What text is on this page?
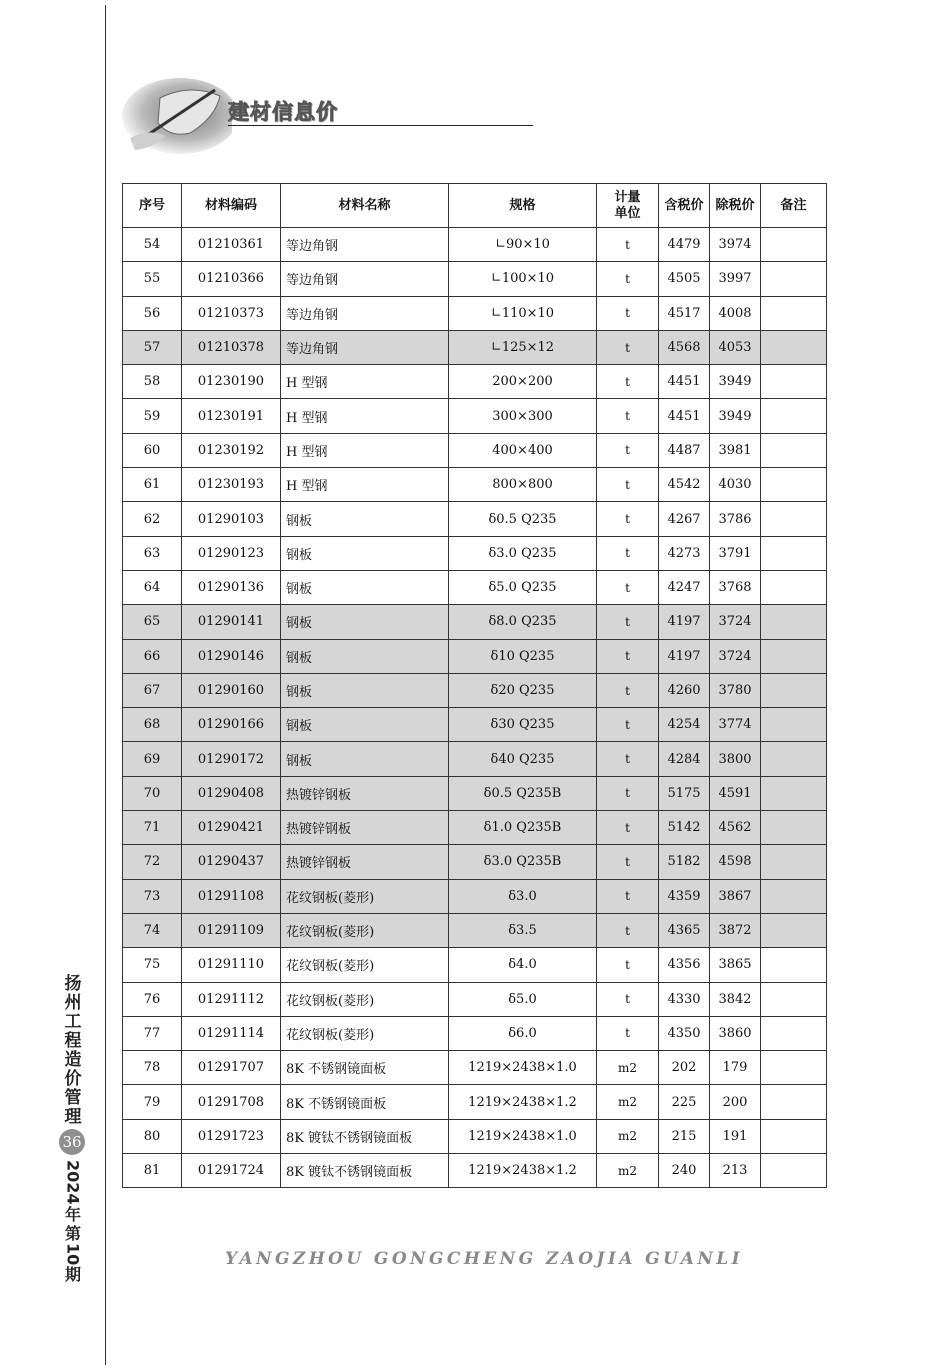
建材信息价
序号	材料编码	材料名称	规格	计量单位	含税价	除税价	备注
54	01210361	等边角钢	∟90×10	t	4479	3974	
55	01210366	等边角钢	∟100×10	t	4505	3997	
56	01210373	等边角钢	∟110×10	t	4517	4008	
57	01210378	等边角钢	∟125×12	t	4568	4053	
58	01230190	H 型钢	200×200	t	4451	3949	
59	01230191	H 型钢	300×300	t	4451	3949	
60	01230192	H 型钢	400×400	t	4487	3981	
61	01230193	H 型钢	800×800	t	4542	4030	
62	01290103	钢板	δ0.5 Q235	t	4267	3786	
63	01290123	钢板	δ3.0 Q235	t	4273	3791	
64	01290136	钢板	δ5.0 Q235	t	4247	3768	
65	01290141	钢板	δ8.0 Q235	t	4197	3724	
66	01290146	钢板	δ10 Q235	t	4197	3724	
67	01290160	钢板	δ20 Q235	t	4260	3780	
68	01290166	钢板	δ30 Q235	t	4254	3774	
69	01290172	钢板	δ40 Q235	t	4284	3800	
70	01290408	热镀锌钢板	δ0.5 Q235B	t	5175	4591	
71	01290421	热镀锌钢板	δ1.0 Q235B	t	5142	4562	
72	01290437	热镀锌钢板	δ3.0 Q235B	t	5182	4598	
73	01291108	花纹钢板(菱形)	δ3.0	t	4359	3867	
74	01291109	花纹钢板(菱形)	δ3.5	t	4365	3872	
75	01291110	花纹钢板(菱形)	δ4.0	t	4356	3865	
76	01291112	花纹钢板(菱形)	δ5.0	t	4330	3842	
77	01291114	花纹钢板(菱形)	δ6.0	t	4350	3860	
78	01291707	8K 不锈钢镜面板	1219×2438×1.0	m2	202	179	
79	01291708	8K 不锈钢镜面板	1219×2438×1.2	m2	225	200	
80	01291723	8K 镀钛不锈钢镜面板	1219×2438×1.0	m2	215	191	
81	01291724	8K 镀钛不锈钢镜面板	1219×2438×1.2	m2	240	213	
扬
州
工
程
造
价
管
理
36
2024
年
第
10
期
YANGZHOU GONGCHENG ZAOJIA GUANLI
